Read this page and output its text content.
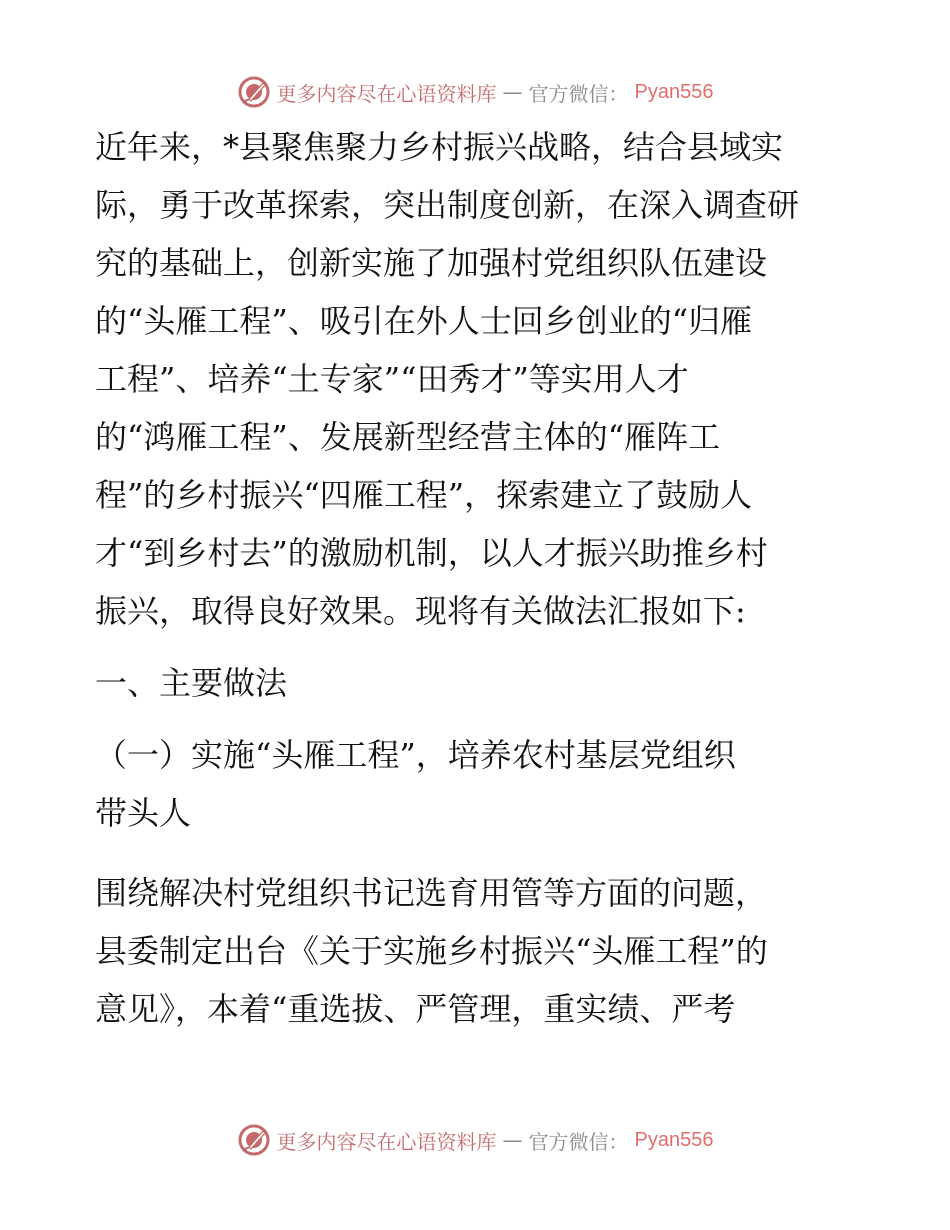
更多内容尽在心语资料库 — 官方微信： Pyan556
近年来，*县聚焦聚力乡村振兴战略，结合县域实
际，勇于改革探索，突出制度创新，在深入调查研
究的基础上，创新实施了加强村党组织队伍建设
的“头雁工程”、吸引在外人士回乡创业的“归雁
工程”、培养“土专家”“田秀才”等实用人才
的“鸿雁工程”、发展新型经营主体的“雁阵工
程”的乡村振兴“四雁工程”，探索建立了鼓励人
才“到乡村去”的激励机制，以人才振兴助推乡村
振兴，取得良好效果。现将有关做法汇报如下:
一、主要做法
（一）实施“头雁工程”，培养农村基层党组织
带头人
围绕解决村党组织书记选育用管等方面的问题，
县委制定出台《关于实施乡村振兴“头雁工程”的
意见》，本着“重选拔、严管理，重实绩、严考
更多内容尽在心语资料库 — 官方微信： Pyan556
